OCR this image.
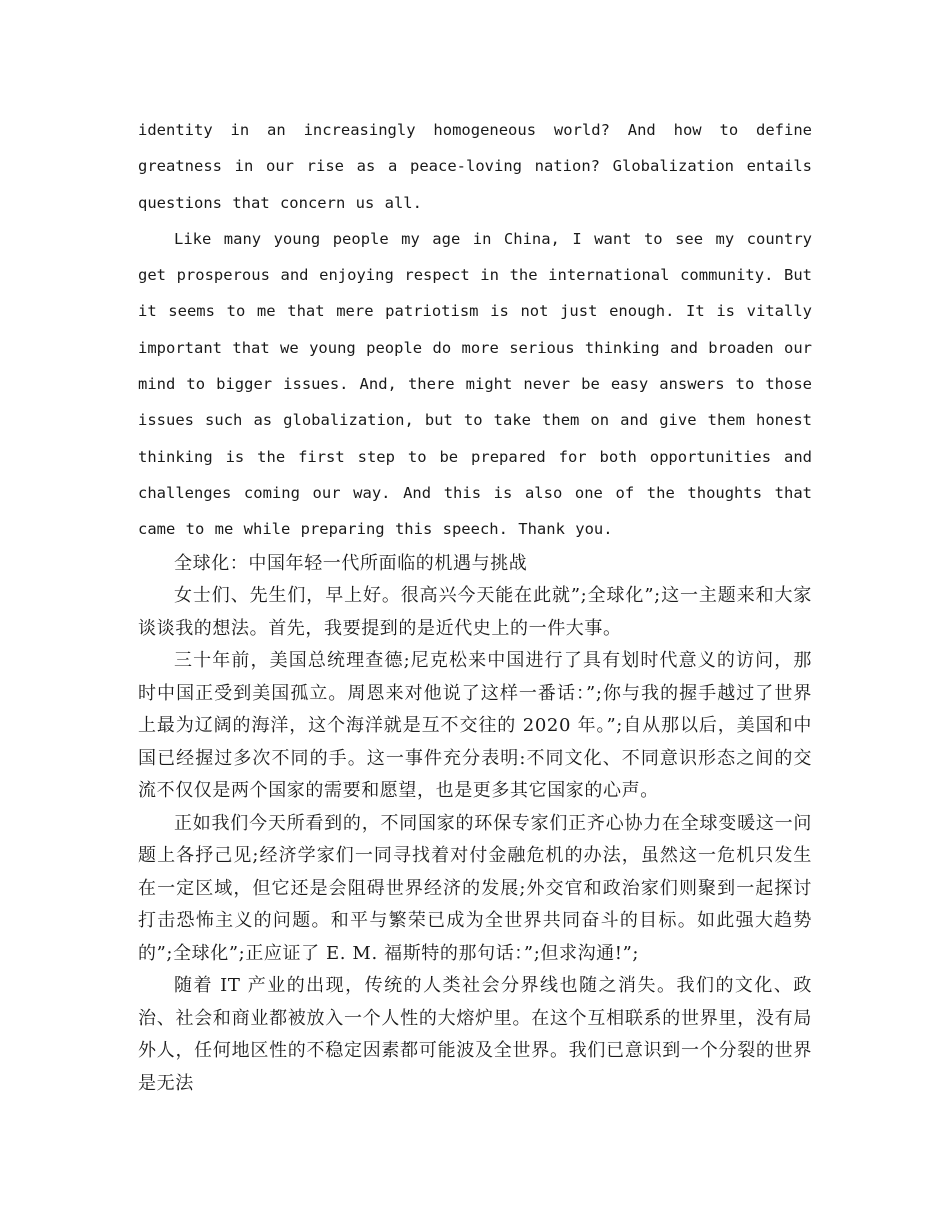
identity in an increasingly homogeneous world? And how to define greatness in our rise as a peace-loving nation? Globalization entails questions that concern us all.

Like many young people my age in China, I want to see my country get prosperous and enjoying respect in the international community. But it seems to me that mere patriotism is not just enough. It is vitally important that we young people do more serious thinking and broaden our mind to bigger issues. And, there might never be easy answers to those issues such as globalization, but to take them on and give them honest thinking is the first step to be prepared for both opportunities and challenges coming our way. And this is also one of the thoughts that came to me while preparing this speech. Thank you.

全球化：中国年轻一代所面临的机遇与挑战

女士们、先生们，早上好。很高兴今天能在此就”;全球化”;这一主题来和大家谈谈我的想法。首先，我要提到的是近代史上的一件大事。

三十年前，美国总统理查德;尼克松来中国进行了具有划时代意义的访问，那时中国正受到美国孤立。周恩来对他说了这样一番话：”;你与我的握手越过了世界上最为辽阔的海洋，这个海洋就是互不交往的 2020 年。”;自从那以后，美国和中国已经握过多次不同的手。这一事件充分表明:不同文化、不同意识形态之间的交流不仅仅是两个国家的需要和愿望，也是更多其它国家的心声。

正如我们今天所看到的，不同国家的环保专家们正齐心协力在全球变暖这一问题上各抒己见;经济学家们一同寻找着对付金融危机的办法，虽然这一危机只发生在一定区域，但它还是会阻碍世界经济的发展;外交官和政治家们则聚到一起探讨打击恐怖主义的问题。和平与繁荣已成为全世界共同奋斗的目标。如此强大趋势的”;全球化”;正应证了 E. M. 福斯特的那句话：”;但求沟通!”;

随着 IT 产业的出现，传统的人类社会分界线也随之消失。我们的文化、政治、社会和商业都被放入一个人性的大熔炉里。在这个互相联系的世界里，没有局外人，任何地区性的不稳定因素都可能波及全世界。我们已意识到一个分裂的世界是无法
